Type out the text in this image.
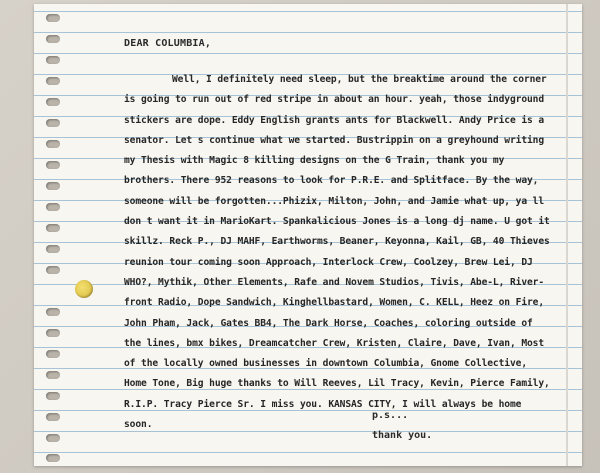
DEAR COLUMBIA,

Well, I definitely need sleep, but the breaktime around the corner is going to run out of red stripe in about an hour. yeah, those indyground stickers are dope. Eddy English grants ants for Blackwell. Andy Price is a senator. Let s continue what we started. Bustrippin on a greyhound writing my Thesis with Magic 8 killing designs on the G Train, thank you my brothers. There 952 reasons to look for P.R.E. and Splitface. By the way, someone will be forgotten...Phizix, Milton, John, and Jamie what up, ya ll don t want it in MarioKart. Spankalicious Jones is a long dj name. U got it skillz. Reck P., DJ MAHF, Earthworms, Beaner, Keyonna, Kail, GB, 40 Thieves reunion tour coming soon Approach, Interlock Crew, Coolzey, Brew Lei, DJ WHO?, Mythik, Other Elements, Rafe and Novem Studios, Tivis, Abe-L, River-front Radio, Dope Sandwich, Kinghellbastard, Women, C. KELL, Heez on Fire, John Pham, Jack, Gates BB4, The Dark Horse, Coaches, coloring outside of the lines, bmx bikes, Dreamcatcher Crew, Kristen, Claire, Dave, Ivan, Most of the locally owned businesses in downtown Columbia, Gnome Collective, Home Tone, Big huge thanks to Will Reeves, Lil Tracy, Kevin, Pierce Family, R.I.P. Tracy Pierce Sr. I miss you. KANSAS CITY, I will always be home soon.

p.s...
thank you.
